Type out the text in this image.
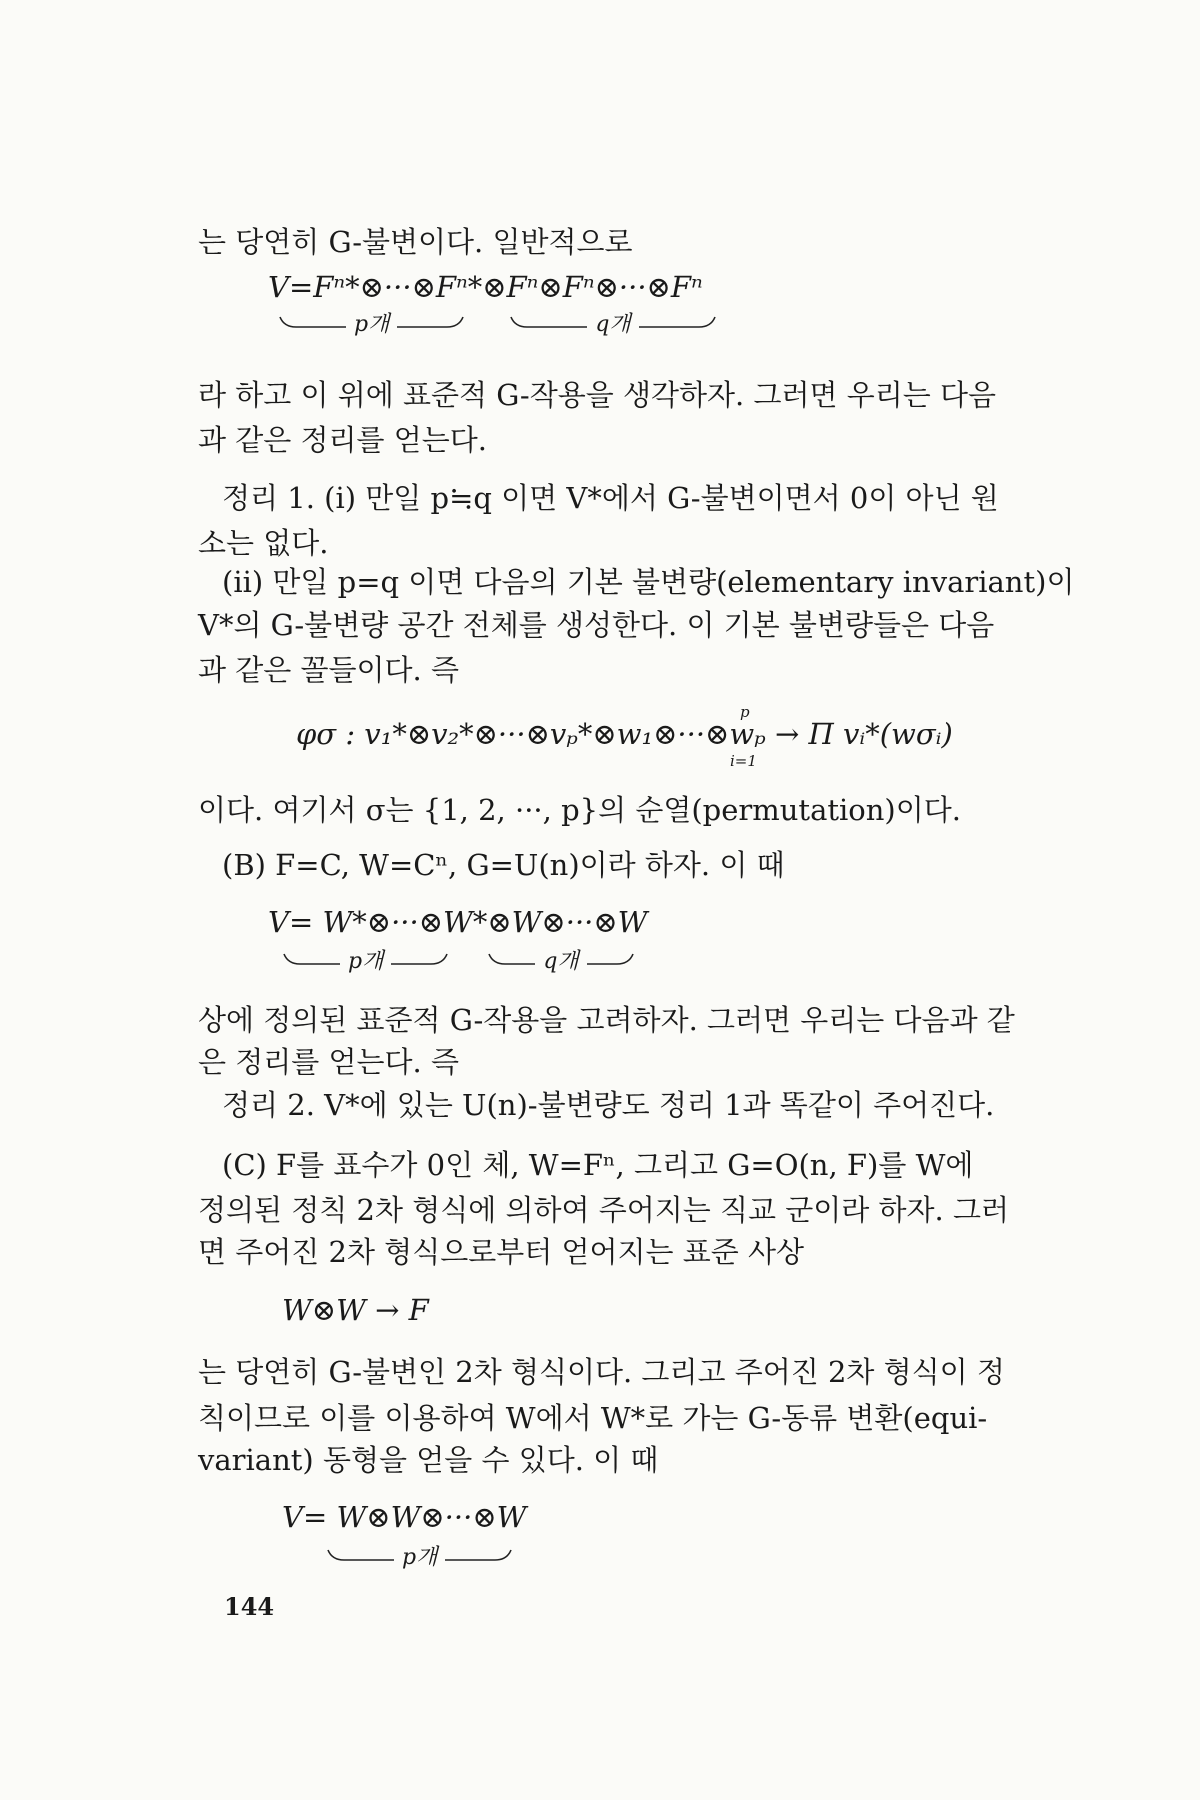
는 당연히 G-불변이다. 일반적으로
V=Fⁿ*⊗···⊗Fⁿ*⊗Fⁿ⊗Fⁿ⊗···⊗Fⁿ
p개
	q개
라 하고 이 위에 표준적 G-작용을 생각하자. 그러면 우리는 다음
과 같은 정리를 얻는다.
정리 1. (i) 만일 p≒q 이면 V*에서 G-불변이면서 0이 아닌 원
소는 없다.
(ii) 만일 p=q 이면 다음의 기본 불변량(elementary invariant)이
V*의 G-불변량 공간 전체를 생성한다. 이 기본 불변량들은 다음
과 같은 꼴들이다. 즉
φσ : v₁*⊗v₂*⊗···⊗vₚ*⊗w₁⊗···⊗wₚ → Π vᵢ*(wσᵢ)
p
i=1
이다. 여기서 σ는 {1, 2, ···, p}의 순열(permutation)이다.
(B) F=C, W=Cⁿ, G=U(n)이라 하자. 이 때
V= W*⊗···⊗W*⊗W⊗···⊗W
p개
	q개
상에 정의된 표준적 G-작용을 고려하자. 그러면 우리는 다음과 같
은 정리를 얻는다. 즉
정리 2. V*에 있는 U(n)-불변량도 정리 1과 똑같이 주어진다.
(C) F를 표수가 0인 체, W=Fⁿ, 그리고 G=O(n, F)를 W에
정의된 정칙 2차 형식에 의하여 주어지는 직교 군이라 하자. 그러
면 주어진 2차 형식으로부터 얻어지는 표준 사상
W⊗W → F
는 당연히 G-불변인 2차 형식이다. 그리고 주어진 2차 형식이 정
칙이므로 이를 이용하여 W에서 W*로 가는 G-동류 변환(equi-
variant) 동형을 얻을 수 있다. 이 때
V= W⊗W⊗···⊗W
p개
144
